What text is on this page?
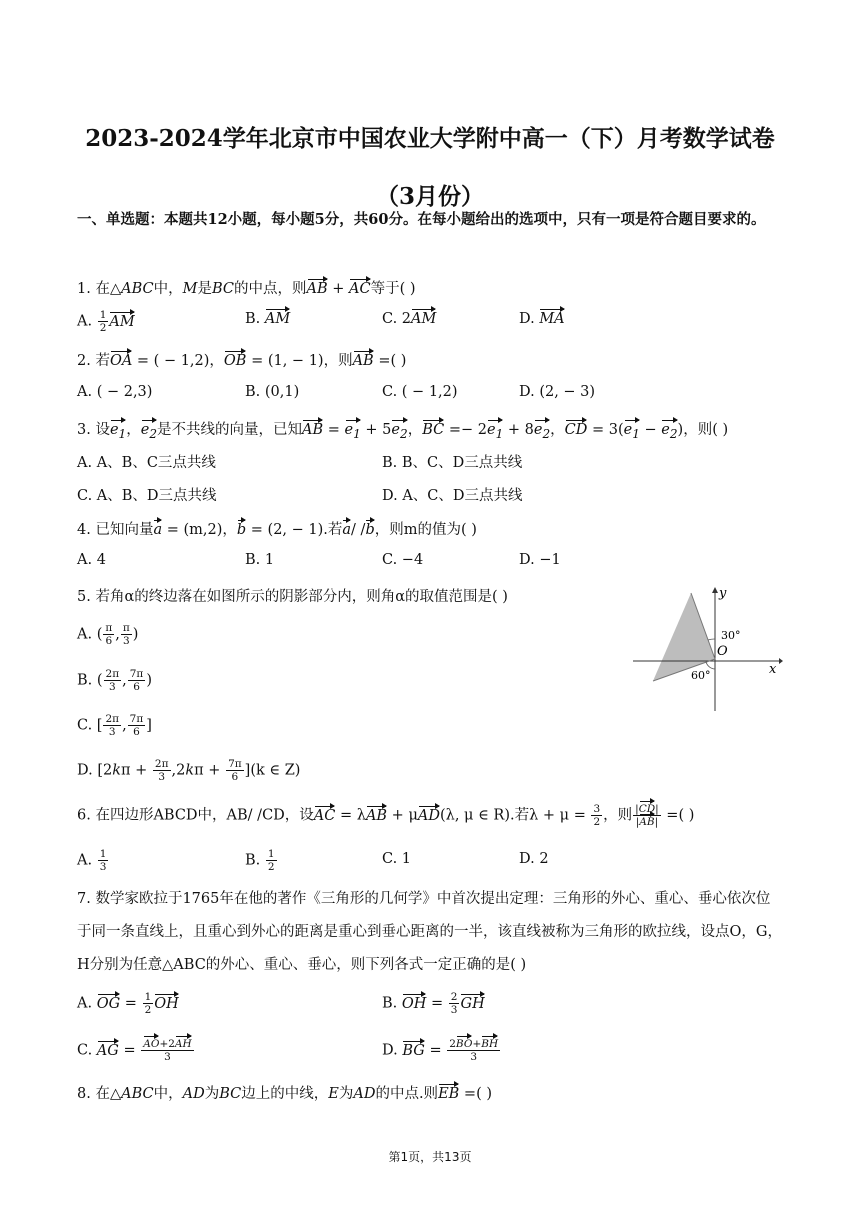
2023-2024学年北京市中国农业大学附中高一（下）月考数学试卷（3月份）
一、单选题：本题共12小题，每小题5分，共60分。在每小题给出的选项中，只有一项是符合题目要求的。
1. 在△ABC中，M是BC的中点，则AB + AC等于( )
A. $\frac{1}{2}$ AM	B. AM	C. 2AM	D. MA
2. 若OA = ( − 1,2)，OB = (1, − 1)，则AB =( )
A. ( − 2,3)	B. (0,1)	C. ( − 1,2)	D. (2, − 3)
3. 设$e_1$，$e_2$是不共线的向量，已知AB = $e_1 + 5e_2$，BC =− $2e_1 + 8e_2$，CD = $3(e_1 - e_2)$，则( )
A. A、B、C三点共线	B. B、C、D三点共线
C. A、B、D三点共线	D. A、C、D三点共线
4. 已知向量a = (m,2)，b = (2, − 1).若a/ /b，则m的值为( )
A. 4	B. 1	C. −4	D. −1
5. 若角α的终边落在如图所示的阴影部分内，则角α的取值范围是( )
A. ( $\frac{\pi}{6}$ , $\frac{\pi}{3}$ )
B. ( $\frac{2\pi}{3}$ , $\frac{7\pi}{6}$ )
C. [ $\frac{2\pi}{3}$ , $\frac{7\pi}{6}$ ]
D. $[2k\pi + \frac{2\pi}{3} ,2k\pi + \frac{7\pi}{6} ](k$ ∈ Z)
y
x
O
30°
60°
6. 在四边形ABCD中，AB/ /CD，设AC = λAB + μAD(λ, μ ∈ R).若$\lambda + \mu = \frac{3}{2}$ ，则 $\frac{|CD|}{|AB|}$ =( )
A. $\frac{1}{3}$	B. $\frac{1}{2}$	C. 1	D. 2
7. 数学家欧拉于1765年在他的著作《三角形的几何学》中首次提出定理：三角形的外心、重心、垂心依次位于同一条直线上，且重心到外心的距离是重心到垂心距离的一半，该直线被称为三角形的欧拉线，设点O，G，H分别为任意△ABC的外心、重心、垂心，则下列各式一定正确的是( )
A. OG = $\frac{1}{2}$ OH	B. OH = $\frac{2}{3}$ GH
C. AG = $\frac{AO+2AH}{3}$	D. BG = $\frac{2BO+BH}{3}$
8. 在△ABC中，AD为BC边上的中线，E为AD的中点.则EB =( )
第1页，共13页
